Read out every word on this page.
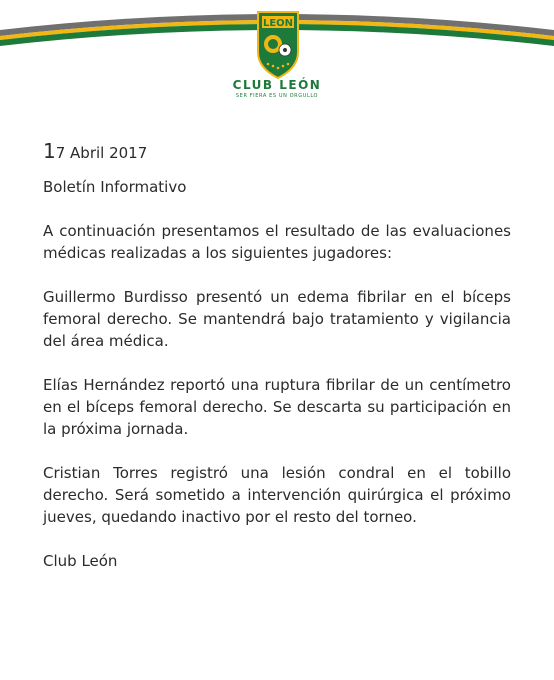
LEON
CLUB LEÓN
SER FIERA ES UN ORGULLO
17 Abril 2017
Boletín Informativo
A continuación presentamos el resultado de las evaluaciones médicas realizadas a los siguientes jugadores:
Guillermo Burdisso presentó un edema fibrilar en el bíceps femoral derecho. Se mantendrá bajo tratamiento y vigilancia del área médica.
Elías Hernández reportó una ruptura fibrilar de un centímetro en el bíceps femoral derecho. Se descarta su participación en la próxima jornada.
Cristian Torres registró una lesión condral en el tobillo derecho. Será sometido a intervención quirúrgica el próximo jueves, quedando inactivo por el resto del torneo.
Club León
